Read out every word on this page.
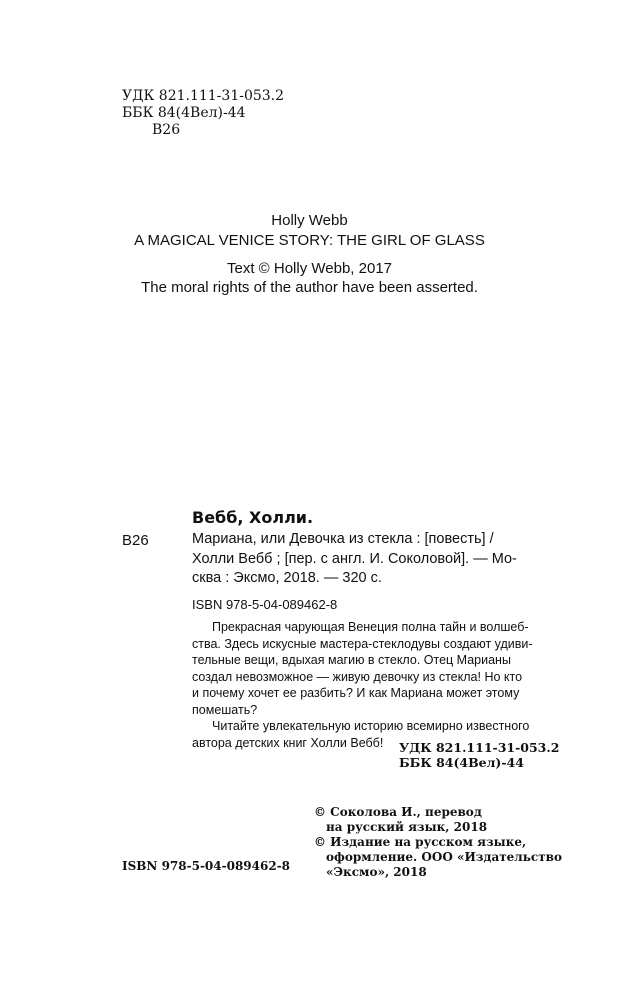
УДК 821.111-31-053.2
ББК 84(4Вел)-44
В26
Holly Webb
A MAGICAL VENICE STORY: THE GIRL OF GLASS
Text © Holly Webb, 2017
The moral rights of the author have been asserted.
Вебб, Холли.
В26	Мариана, или Девочка из стекла : [повесть] /
Холли Вебб ; [пер. с англ. И. Соколовой]. — Мо-
сква : Эксмо, 2018. — 320 с.
ISBN 978-5-04-089462-8
Прекрасная чарующая Венеция полна тайн и волшеб-
ства. Здесь искусные мастера-стеклодувы создают удиви-
тельные вещи, вдыхая магию в стекло. Отец Марианы
создал невозможное — живую девочку из стекла! Но кто
и почему хочет ее разбить? И как Мариана может этому
помешать?
Читайте увлекательную историю всемирно известного
автора детских книг Холли Вебб!	УДК 821.111-31-053.2
ББК 84(4Вел)-44
© Соколова И., перевод
на русский язык, 2018
© Издание на русском языке,
оформление. ООО «Издательство
«Эксмо», 2018
ISBN 978-5-04-089462-8
